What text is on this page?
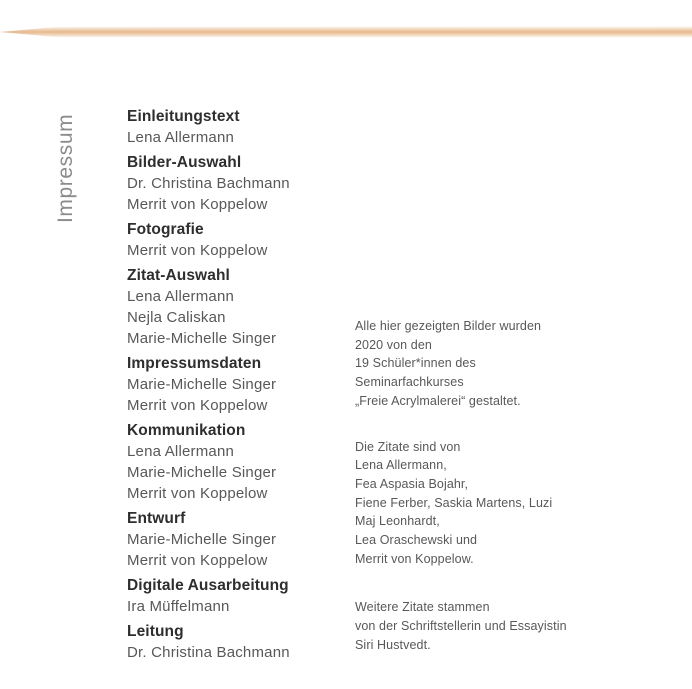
Impressum	Einleitungstext
Lena Allermann
Bilder-Auswahl
Dr. Christina Bachmann
Merrit von Koppelow
Fotografie
Merrit von Koppelow
Zitat-Auswahl
Lena Allermann
Nejla Caliskan
Marie-Michelle Singer
Impressumsdaten
Marie-Michelle Singer
Merrit von Koppelow
Kommunikation
Lena Allermann
Marie-Michelle Singer
Merrit von Koppelow
Entwurf
Marie-Michelle Singer
Merrit von Koppelow
Digitale Ausarbeitung
Ira Müffelmann
Leitung
Dr. Christina Bachmann
Alle hier gezeigten Bilder wurden
2020 von den
19 Schüler*innen des
Seminarfachkurses
„Freie Acrylmalerei“ gestaltet.
Die Zitate sind von
Lena Allermann,
Fea Aspasia Bojahr,
Fiene Ferber, Saskia Martens, Luzi
Maj Leonhardt,
Lea Oraschewski und
Merrit von Koppelow.
Weitere Zitate stammen
von der Schriftstellerin und Essayistin
Siri Hustvedt.
